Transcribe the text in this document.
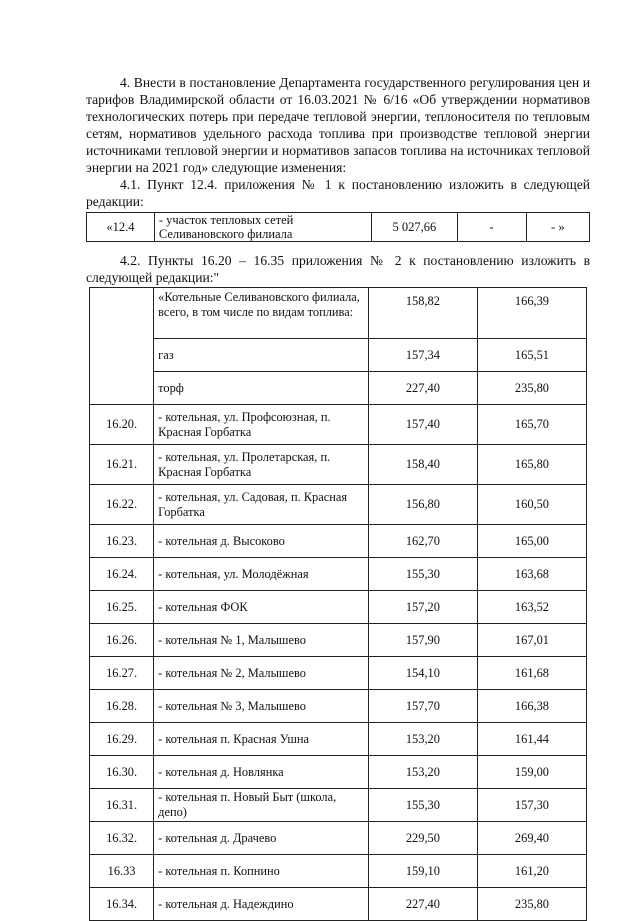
4. Внести в постановление Департамента государственного регулирования цен и тарифов Владимирской области от 16.03.2021 № 6/16 «Об утверждении нормативов технологических потерь при передаче тепловой энергии, теплоносителя по тепловым сетям, нормативов удельного расхода топлива при производстве тепловой энергии источниками тепловой энергии и нормативов запасов топлива на источниках тепловой энергии на 2021 год» следующие изменения:
4.1. Пункт 12.4. приложения № 1 к постановлению изложить в следующей редакции:
«12.4	- участок тепловых сетей Селивановского филиала	5 027,66	-	- »
4.2. Пункты 16.20 – 16.35 приложения № 2 к постановлению изложить в следующей редакции:"
	«Котельные Селивановского филиала, всего, в том числе по видам топлива:	158,82	166,39
	газ	157,34	165,51
	торф	227,40	235,80
16.20.	- котельная, ул. Профсоюзная, п. Красная Горбатка	157,40	165,70
16.21.	- котельная, ул. Пролетарская, п. Красная Горбатка	158,40	165,80
16.22.	- котельная, ул. Садовая, п. Красная Горбатка	156,80	160,50
16.23.	- котельная д. Высоково	162,70	165,00
16.24.	- котельная, ул. Молодёжная	155,30	163,68
16.25.	- котельная ФОК	157,20	163,52
16.26.	- котельная № 1, Малышево	157,90	167,01
16.27.	- котельная № 2, Малышево	154,10	161,68
16.28.	- котельная № 3, Малышево	157,70	166,38
16.29.	- котельная п. Красная Ушна	153,20	161,44
16.30.	- котельная д. Новлянка	153,20	159,00
16.31.	- котельная п. Новый Быт (школа, депо)	155,30	157,30
16.32.	- котельная д. Драчево	229,50	269,40
16.33	- котельная п. Копнино	159,10	161,20
16.34.	- котельная д. Надеждино	227,40	235,80
